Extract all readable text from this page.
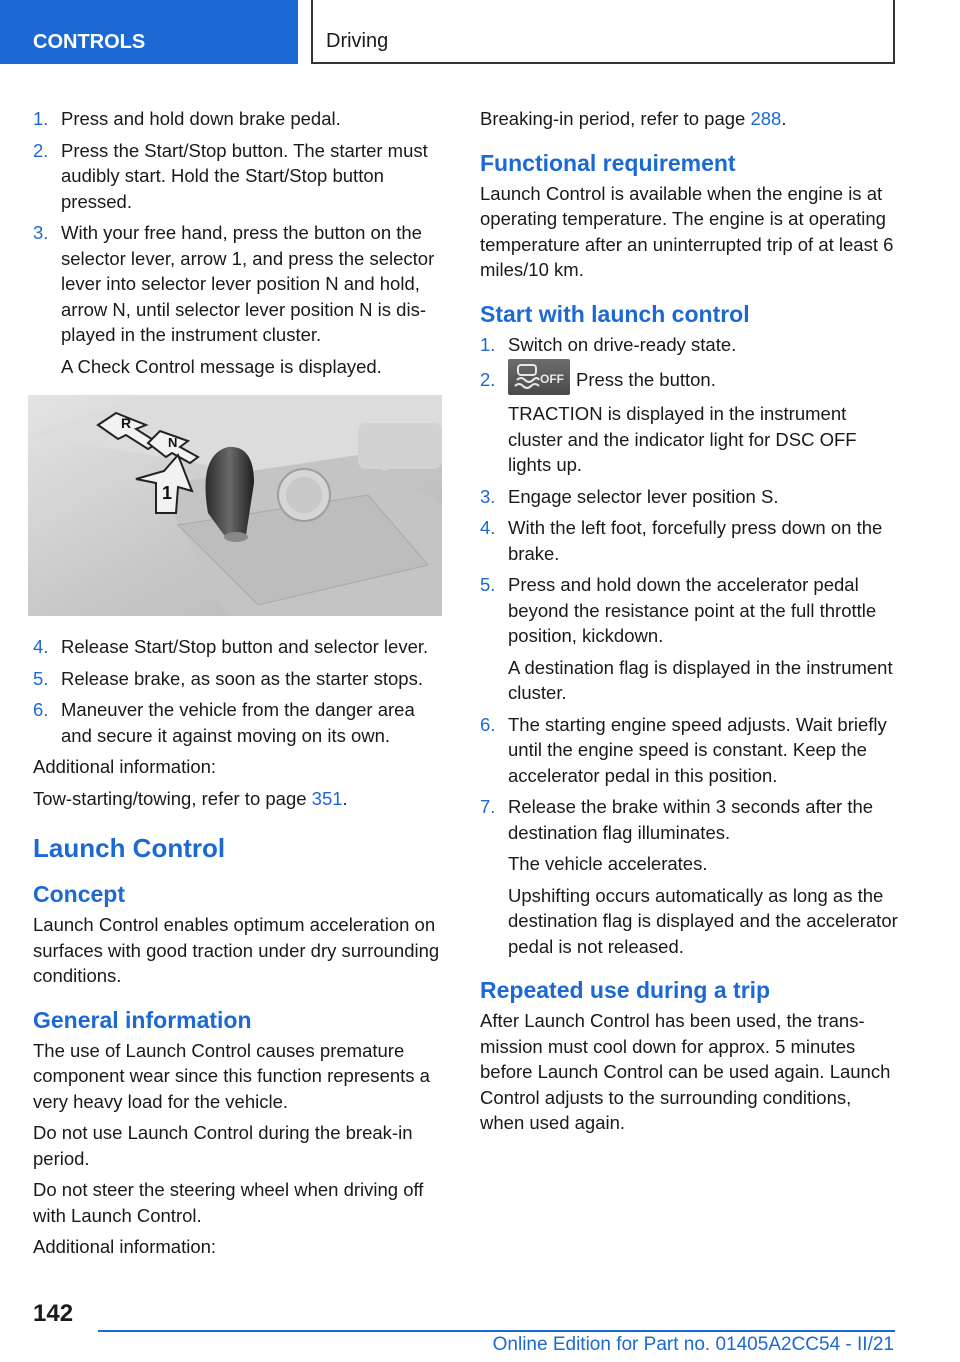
CONTROLS	Driving
1. Press and hold down brake pedal.
2. Press the Start/Stop button. The starter must audibly start. Hold the Start/Stop button pressed.
3. With your free hand, press the button on the selector lever, arrow 1, and press the selector lever into selector lever position N and hold, arrow N, until selector lever position N is displayed in the instrument cluster.
A Check Control message is displayed.
R
N
1
4. Release Start/Stop button and selector lever.
5. Release brake, as soon as the starter stops.
6. Maneuver the vehicle from the danger area and secure it against moving on its own.

Additional information:

Tow-starting/towing, refer to page 351.

Launch Control
Concept

Launch Control enables optimum acceleration on surfaces with good traction under dry surrounding conditions.

General information

The use of Launch Control causes premature component wear since this function represents a very heavy load for the vehicle.

Do not use Launch Control during the break-in period.

Do not steer the steering wheel when driving off with Launch Control.

Additional information:

Breaking-in period, refer to page 288.

Functional requirement

Launch Control is available when the engine is at operating temperature. The engine is at operating temperature after an uninterrupted trip of at least 6 miles/10 km.

Start with launch control
1. Switch on drive-ready state.
2.	OFF Press the button.
TRACTION is displayed in the instrument cluster and the indicator light for DSC OFF lights up.
3. Engage selector lever position S.
4. With the left foot, forcefully press down on the brake.
5. Press and hold down the accelerator pedal beyond the resistance point at the full throttle position, kickdown.
A destination flag is displayed in the instrument cluster.
6. The starting engine speed adjusts. Wait briefly until the engine speed is constant. Keep the accelerator pedal in this position.
7. Release the brake within 3 seconds after the destination flag illuminates.
The vehicle accelerates.
Upshifting occurs automatically as long as the destination flag is displayed and the accelerator pedal is not released.
Repeated use during a trip

After Launch Control has been used, the transmission must cool down for approx. 5 minutes before Launch Control can be used again. Launch Control adjusts to the surrounding conditions, when used again.

142
Online Edition for Part no. 01405A2CC54 - II/21
